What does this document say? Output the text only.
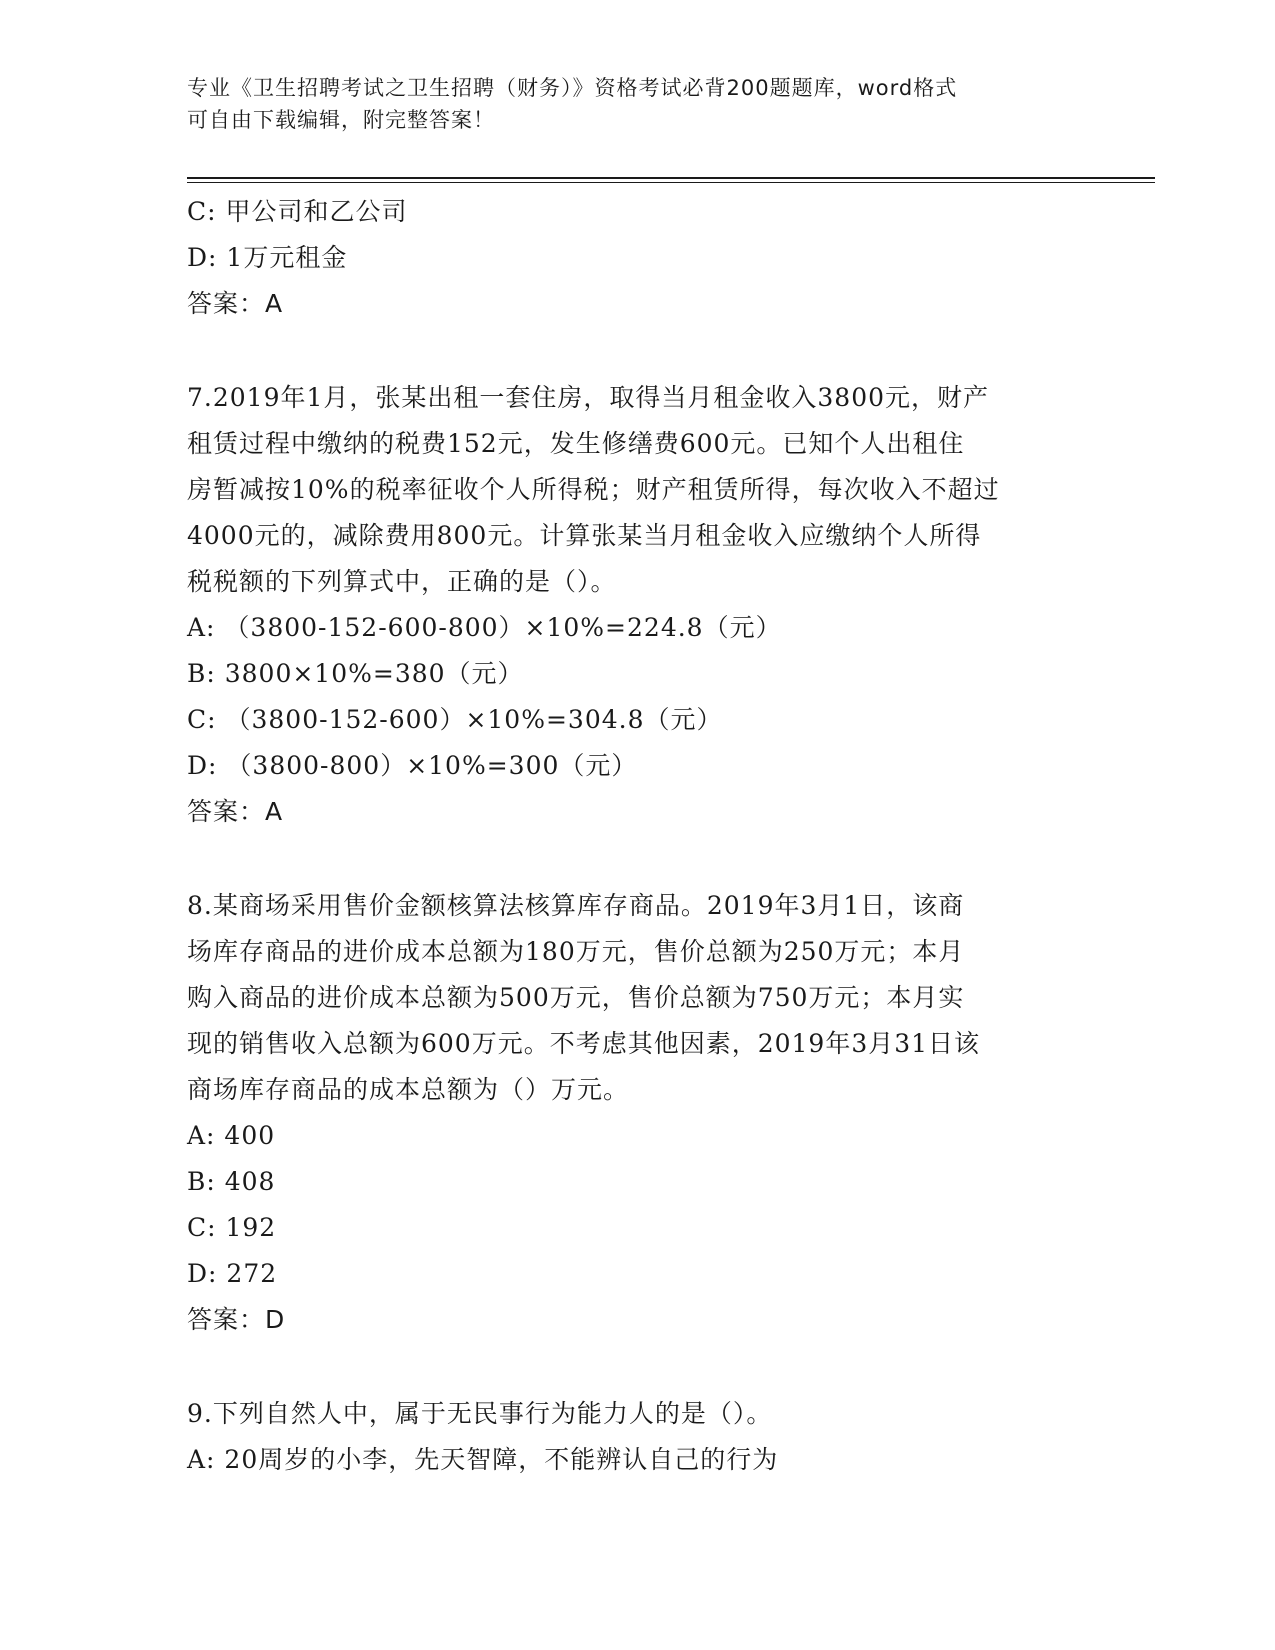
专业《卫生招聘考试之卫生招聘（财务）》资格考试必背200题题库，word格式
可自由下载编辑，附完整答案！
C: 甲公司和乙公司
D: 1万元租金
答案：A
7.2019年1月，张某出租一套住房，取得当月租金收入3800元，财产
租赁过程中缴纳的税费152元，发生修缮费600元。已知个人出租住
房暂减按10%的税率征收个人所得税；财产租赁所得，每次收入不超过
4000元的，减除费用800元。计算张某当月租金收入应缴纳个人所得
税税额的下列算式中，正确的是（）。
A: （3800-152-600-800）×10%=224.8（元）
B: 3800×10%=380（元）
C: （3800-152-600）×10%=304.8（元）
D: （3800-800）×10%=300（元）
答案：A
8.某商场采用售价金额核算法核算库存商品。2019年3月1日，该商
场库存商品的进价成本总额为180万元，售价总额为250万元；本月
购入商品的进价成本总额为500万元，售价总额为750万元；本月实
现的销售收入总额为600万元。不考虑其他因素，2019年3月31日该
商场库存商品的成本总额为（）万元。
A: 400
B: 408
C: 192
D: 272
答案：D
9.下列自然人中，属于无民事行为能力人的是（）。
A: 20周岁的小李，先天智障，不能辨认自己的行为
